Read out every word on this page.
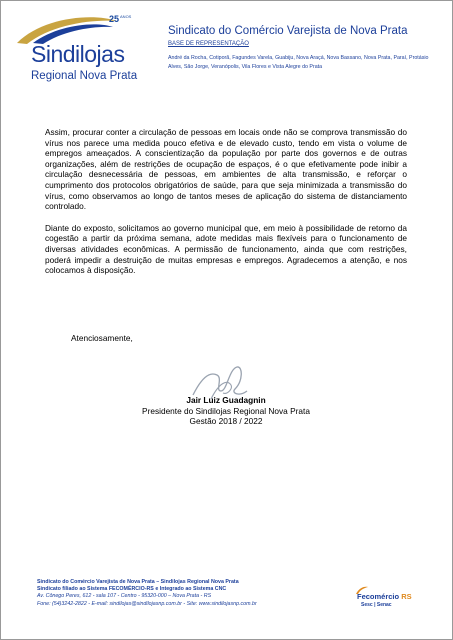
$25^{ANOS}$
Sindilojas
Regional Nova Prata
Sindicato do Comércio Varejista de Nova Prata
BASE DE REPRESENTAÇÃO
André da Rocha, Cotiporã, Fagundes Varela, Guabiju, Nova Araçá, Nova Bassano, Nova Prata, Paraí, Protásio Alves, São Jorge, Veranópolis, Vila Flores e Vista Alegre do Prata

Assim, procurar conter a circulação de pessoas em locais onde não se comprova transmissão do vírus nos parece uma medida pouco efetiva e de elevado custo, tendo em vista o volume de empregos ameaçados. A conscientização da população por parte dos governos e de outras organizações, além de restrições de ocupação de espaços, é o que efetivamente pode inibir a circulação desnecessária de pessoas, em ambientes de alta transmissão, e reforçar o cumprimento dos protocolos obrigatórios de saúde, para que seja minimizada a transmissão do vírus, como observamos ao longo de tantos meses de aplicação do sistema de distanciamento controlado.

Diante do exposto, solicitamos ao governo municipal que, em meio à possibilidade de retorno da cogestão a partir da próxima semana, adote medidas mais flexíveis para o funcionamento de diversas atividades econômicas. A permissão de funcionamento, ainda que com restrições, poderá impedir a destruição de muitas empresas e empregos. Agradecemos a atenção, e nos colocamos à disposição.

Atenciosamente,
Jair Luiz Guadagnin
Presidente do Sindilojas Regional Nova Prata
Gestão 2018 / 2022
Sindicato do Comércio Varejista de Nova Prata – Sindilojas Regional Nova Prata
Sindicato filiado ao Sistema FECOMÉRCIO-RS e Integrado ao Sistema CNC
Av. Cônego Peres, 612 - sala 107 - Centro - 95320-000 – Nova Prata - RS
Fone: (54)3242-2822 - E-mail: sindilojas@sindilojasnp.com.br - Site: www.sindilojasnp.com.br
Fecomércio RS
Sesc | Senac
